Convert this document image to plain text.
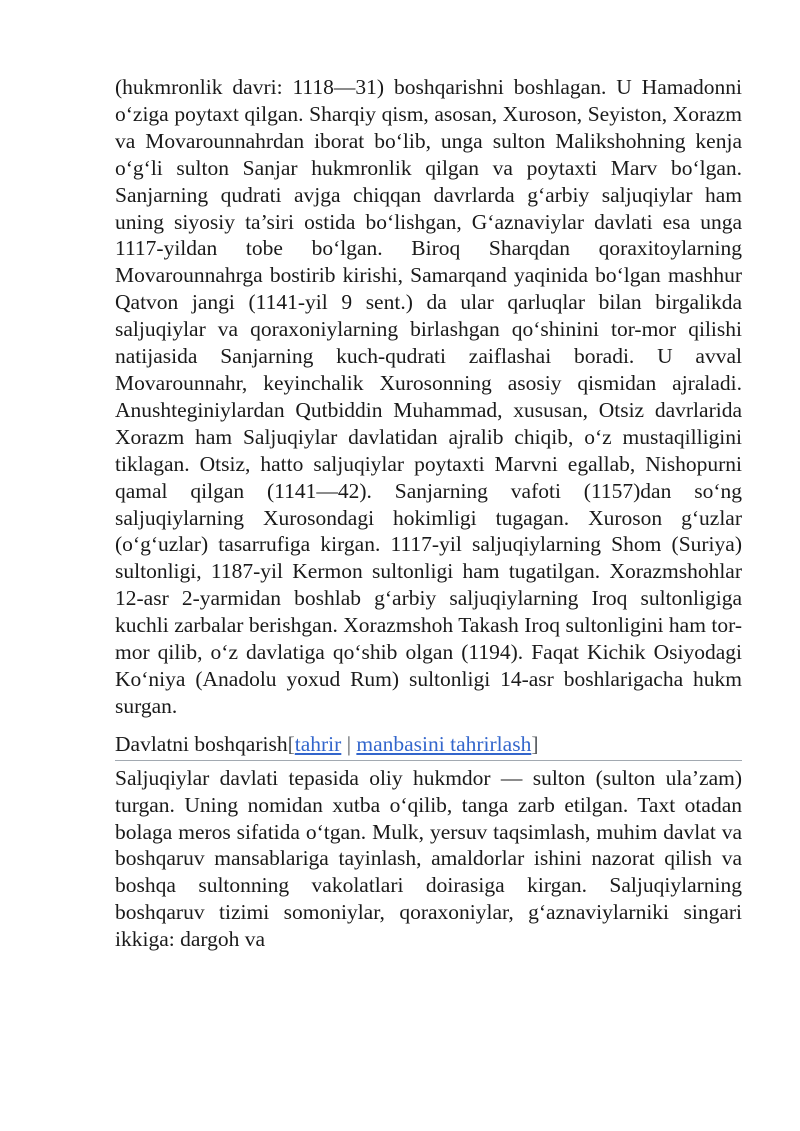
(hukmronlik davri: 1118—31) boshqarishni boshlagan. U Hamadonni o‘ziga poytaxt qilgan. Sharqiy qism, asosan, Xuroson, Seyiston, Xorazm va Movarounnahrdan iborat bo‘lib, unga sulton Malikshohning kenja o‘g‘li sulton Sanjar hukmronlik qilgan va poytaxti Marv bo‘lgan. Sanjarning qudrati avjga chiqqan davrlarda g‘arbiy saljuqiylar ham uning siyosiy ta’siri ostida bo‘lishgan, G‘aznaviylar davlati esa unga 1117-yildan tobe bo‘lgan. Biroq Sharqdan qoraxitoylarning Movarounnahrga bostirib kirishi, Samarqand yaqinida bo‘lgan mashhur Qatvon jangi (1141-yil 9 sent.) da ular qarluqlar bilan birgalikda saljuqiylar va qoraxoniylarning birlashgan qo‘shinini tor-mor qilishi natijasida Sanjarning kuch-qudrati zaiflashai boradi. U avval Movarounnahr, keyinchalik Xurosonning asosiy qismidan ajraladi. Anushteginiylardan Qutbiddin Muhammad, xususan, Otsiz davrlarida Xorazm ham Saljuqiylar davlatidan ajralib chiqib, o‘z mustaqilligini tiklagan. Otsiz, hatto saljuqiylar poytaxti Marvni egallab, Nishopurni qamal qilgan (1141—42). Sanjarning vafoti (1157)dan so‘ng saljuqiylarning Xurosondagi hokimligi tugagan. Xuroson g‘uzlar (o‘g‘uzlar) tasarrufiga kirgan. 1117-yil saljuqiylarning Shom (Suriya) sultonligi, 1187-yil Kermon sultonligi ham tugatilgan. Xorazmshohlar 12-asr 2-yarmidan boshlab g‘arbiy saljuqiylarning Iroq sultonligiga kuchli zarbalar berishgan. Xorazmshoh Takash Iroq sultonligini ham tor-mor qilib, o‘z davlatiga qo‘shib olgan (1194). Faqat Kichik Osiyodagi Ko‘niya (Anadolu yoxud Rum) sultonligi 14-asr boshlarigacha hukm surgan.

Davlatni boshqarish[tahrir | manbasini tahrirlash]

Saljuqiylar davlati tepasida oliy hukmdor — sulton (sulton ula’zam) turgan. Uning nomidan xutba o‘qilib, tanga zarb etilgan. Taxt otadan bolaga meros sifatida o‘tgan. Mulk, yersuv taqsimlash, muhim davlat va boshqaruv mansablariga tayinlash, amaldorlar ishini nazorat qilish va boshqa sultonning vakolatlari doirasiga kirgan. Saljuqiylarning boshqaruv tizimi somoniylar, qoraxoniylar, g‘aznaviylarniki singari ikkiga: dargoh va
